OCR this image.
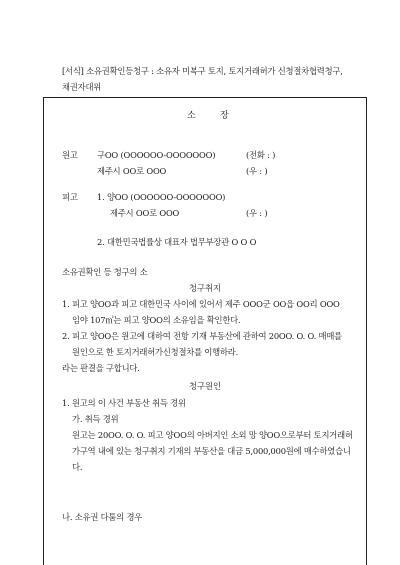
[서식] 소유권확인등청구 : 소유자 미복구 토지, 토지거래허가 신청절차협력청구, 채권자대위
소	장
원고 구OO (OOOOOO-OOOOOOO)	(전화 : )
제주시 OO로 OOO	(우 : )
피고 1. 양OO (OOOOOO-OOOOOOO)
제주시 OO로 OOO	(우 : )
2. 대한민국법률상 대표자 법무부장관 O O O
소유권확인 등 청구의 소
청구취지
1. 피고 양OO과 피고 대한민국 사이에 있어서 제주 OOO군 OO읍 OO리 OOO
임야 107㎡는 피고 양OO의 소유임을 확인한다.
2. 피고 양OO은 원고에 대하여 전항 기재 부동산에 관하여 20OO. O. O. 매매를
원인으로 한 토지거래허가신청절차를 이행하라.
라는 판결을 구합니다.
청구원인
1. 원고의 이 사건 부동산 취득 경위
가. 취득 경위
원고는 20OO. O. O. 피고 양OO의 아버지인 소외 망 양OO으로부터 토지거래허
가구역 내에 있는 청구취지 기재의 부동산을 대금 5,000,000원에 매수하였습니
다.
나. 소유권 다툼의 경우
